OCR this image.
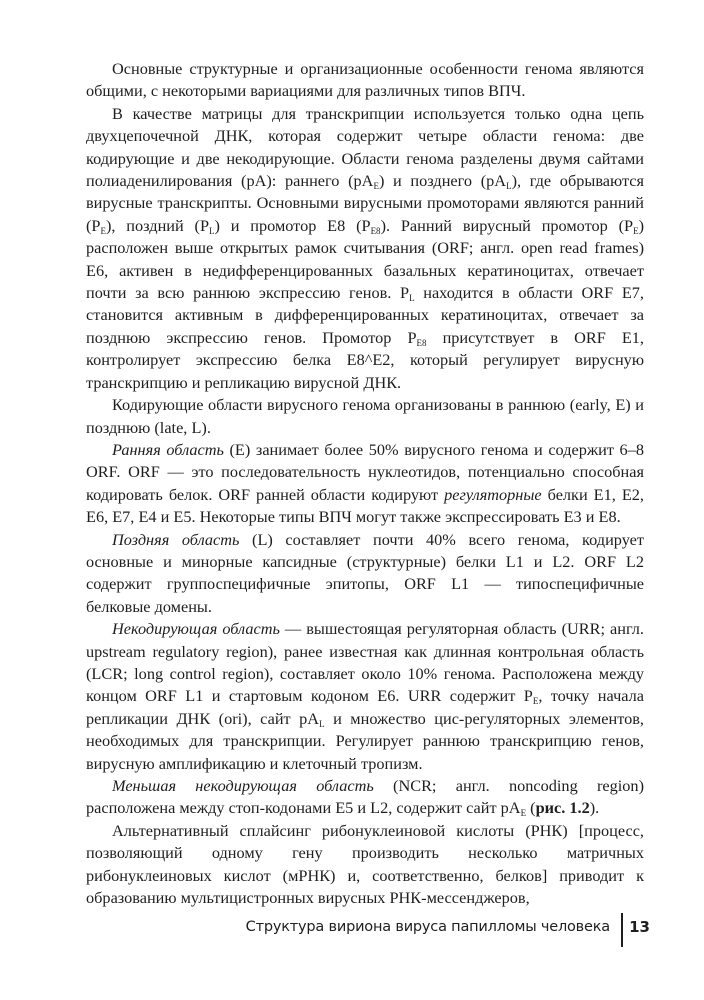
Основные структурные и организационные особенности генома являются общими, с некоторыми вариациями для различных типов ВПЧ.

В качестве матрицы для транскрипции используется только одна цепь двухцепочечной ДНК, которая содержит четыре области генома: две кодирующие и две некодирующие. Области генома разделены двумя сайтами полиаденилирования (pA): раннего $(pA_E)$ и позднего $(pA_L)$, где обрываются вирусные транскрипты. Основными вирусными промоторами являются ранний $(P_E)$, поздний $(P_L)$ и промотор E8 $(P_{E8})$. Ранний вирусный промотор $(P_E)$ расположен выше открытых рамок считывания (ORF; англ. open read frames) E6, активен в недифференцированных базальных кератиноцитах, отвечает почти за всю раннюю экспрессию генов. $P_L$ находится в области ORF E7, становится активным в дифференцированных кератиноцитах, отвечает за позднюю экспрессию генов. Промотор $P_{E8}$ присутствует в ORF E1, контролирует экспрессию белка E8^E2, который регулирует вирусную транскрипцию и репликацию вирусной ДНК.

Кодирующие области вирусного генома организованы в раннюю (early, E) и позднюю (late, L).

Ранняя область (E) занимает более 50% вирусного генома и содержит 6–8 ORF. ORF — это последовательность нуклеотидов, потенциально способная кодировать белок. ORF ранней области кодируют регуляторные белки E1, E2, E6, E7, E4 и E5. Некоторые типы ВПЧ могут также экспрессировать E3 и E8.

Поздняя область (L) составляет почти 40% всего генома, кодирует основные и минорные капсидные (структурные) белки L1 и L2. ORF L2 содержит группоспецифичные эпитопы, ORF L1 — типоспецифичные белковые домены.

Некодирующая область — вышестоящая регуляторная область (URR; англ. upstream regulatory region), ранее известная как длинная контрольная область (LCR; long control region), составляет около 10% генома. Расположена между концом ORF L1 и стартовым кодоном E6. URR содержит $P_E$, точку начала репликации ДНК (ori), сайт $pA_L$ и множество цис-регуляторных элементов, необходимых для транскрипции. Регулирует раннюю транскрипцию генов, вирусную амплификацию и клеточный тропизм.

Меньшая некодирующая область (NCR; англ. noncoding region) расположена между стоп-кодонами E5 и L2, содержит сайт $pA_E$ (рис. 1.2).

Альтернативный сплайсинг рибонуклеиновой кислоты (РНК) [процесс, позволяющий одному гену производить несколько матричных рибонуклеиновых кислот (мРНК) и, соответственно, белков] приводит к образованию мультицистронных вирусных РНК-мессенджеров,

Структура вириона вируса папилломы человека 13
